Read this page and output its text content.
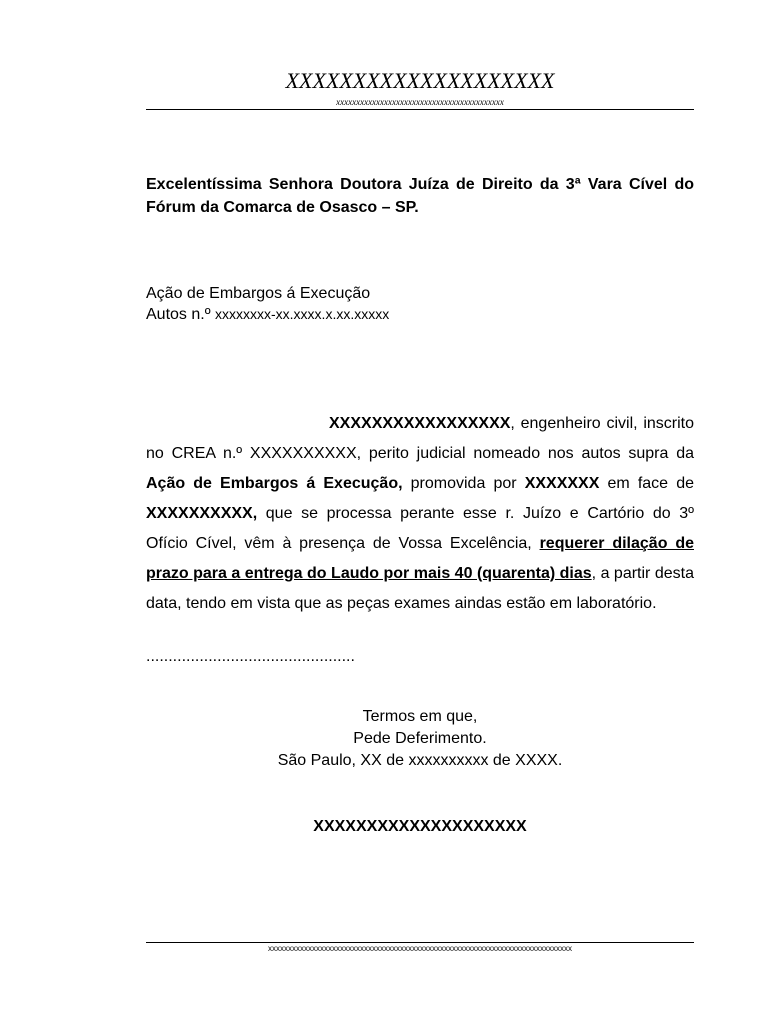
XXXXXXXXXXXXXXXXXXXX
xxxxxxxxxxxxxxxxxxxxxxxxxxxxxxxxxxxxxxxxxx
Excelentíssima Senhora Doutora Juíza de Direito da 3ª Vara Cível do Fórum da Comarca de Osasco – SP.
Ação de Embargos á Execução
Autos n.º xxxxxxxx-xx.xxxx.x.xx.xxxxx
XXXXXXXXXXXXXXXXX, engenheiro civil, inscrito no CREA n.º XXXXXXXXXX, perito judicial nomeado nos autos supra da Ação de Embargos á Execução, promovida por XXXXXXX em face de XXXXXXXXXX, que se processa perante esse r. Juízo e Cartório do 3º Ofício Cível, vêm à presença de Vossa Excelência, requerer dilação de prazo para a entrega do Laudo por mais 40 (quarenta) dias, a partir desta data, tendo em vista que as peças exames aindas estão em laboratório.
...............................................
Termos em que,
Pede Deferimento.
São Paulo, XX de xxxxxxxxxx de XXXX.
XXXXXXXXXXXXXXXXXXXX
xxxxxxxxxxxxxxxxxxxxxxxxxxxxxxxxxxxxxxxxxxxxxxxxxxxxxxxxxxxxxxxxxxxxxxxxxxxx
